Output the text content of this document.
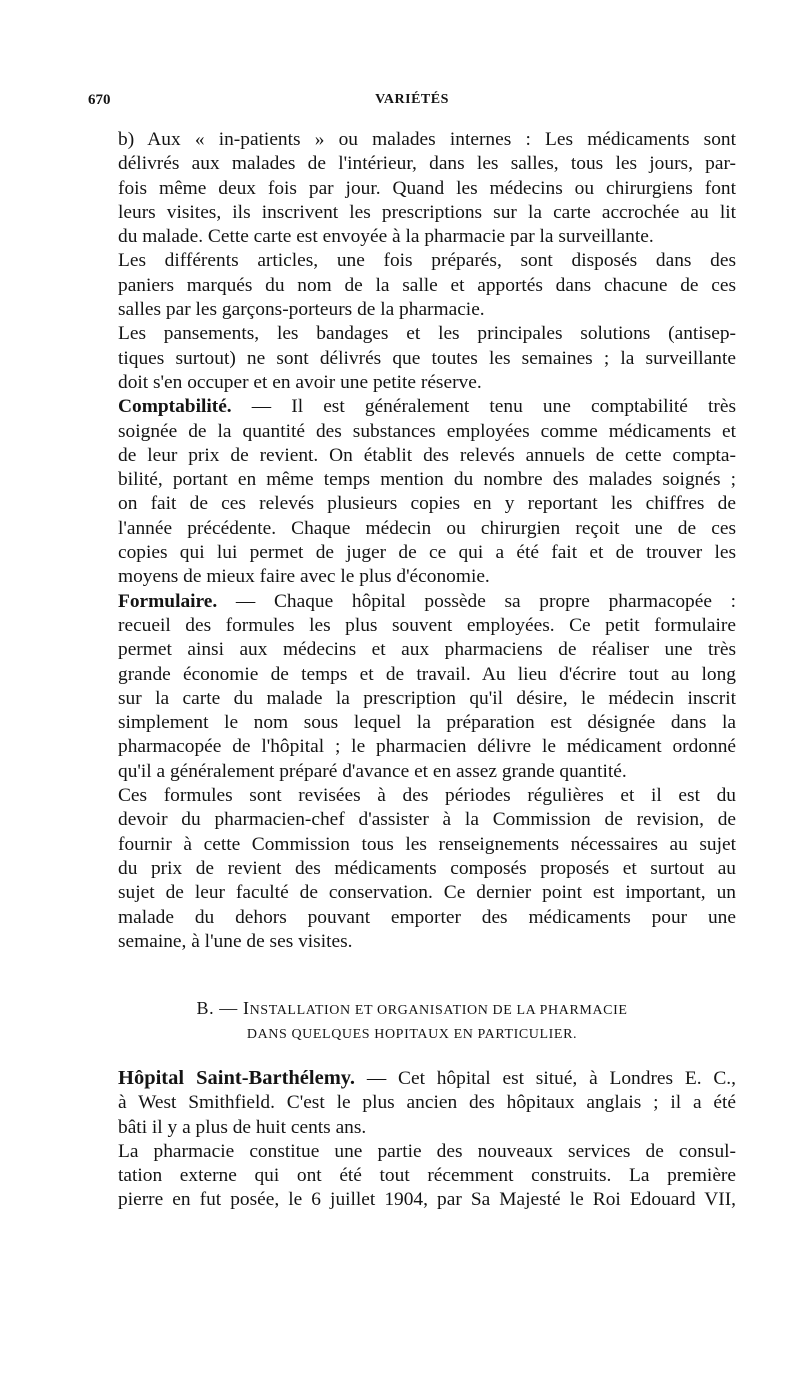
670	VARIÉTÉS

b) Aux « in-patients » ou malades internes : Les médicaments sont
délivrés aux malades de l'intérieur, dans les salles, tous les jours, par-
fois même deux fois par jour. Quand les médecins ou chirurgiens font
leurs visites, ils inscrivent les prescriptions sur la carte accrochée au lit
du malade. Cette carte est envoyée à la pharmacie par la surveillante.

Les différents articles, une fois préparés, sont disposés dans des
paniers marqués du nom de la salle et apportés dans chacune de ces
salles par les garçons-porteurs de la pharmacie.

Les pansements, les bandages et les principales solutions (antisep-
tiques surtout) ne sont délivrés que toutes les semaines ; la surveillante
doit s'en occuper et en avoir une petite réserve.

Comptabilité. — Il est généralement tenu une comptabilité très
soignée de la quantité des substances employées comme médicaments et
de leur prix de revient. On établit des relevés annuels de cette compta-
bilité, portant en même temps mention du nombre des malades soignés ;
on fait de ces relevés plusieurs copies en y reportant les chiffres de
l'année précédente. Chaque médecin ou chirurgien reçoit une de ces
copies qui lui permet de juger de ce qui a été fait et de trouver les
moyens de mieux faire avec le plus d'économie.

Formulaire. — Chaque hôpital possède sa propre pharmacopée :
recueil des formules les plus souvent employées. Ce petit formulaire
permet ainsi aux médecins et aux pharmaciens de réaliser une très
grande économie de temps et de travail. Au lieu d'écrire tout au long
sur la carte du malade la prescription qu'il désire, le médecin inscrit
simplement le nom sous lequel la préparation est désignée dans la
pharmacopée de l'hôpital ; le pharmacien délivre le médicament ordonné
qu'il a généralement préparé d'avance et en assez grande quantité.

Ces formules sont revisées à des périodes régulières et il est du
devoir du pharmacien-chef d'assister à la Commission de revision, de
fournir à cette Commission tous les renseignements nécessaires au sujet
du prix de revient des médicaments composés proposés et surtout au
sujet de leur faculté de conservation. Ce dernier point est important, un
malade du dehors pouvant emporter des médicaments pour une
semaine, à l'une de ses visites.

B. — INSTALLATION ET ORGANISATION DE LA PHARMACIE
DANS QUELQUES HOPITAUX EN PARTICULIER.

Hôpital Saint-Barthélemy. — Cet hôpital est situé, à Londres E. C.,
à West Smithfield. C'est le plus ancien des hôpitaux anglais ; il a été
bâti il y a plus de huit cents ans.

La pharmacie constitue une partie des nouveaux services de consul-
tation externe qui ont été tout récemment construits. La première
pierre en fut posée, le 6 juillet 1904, par Sa Majesté le Roi Edouard VII,
